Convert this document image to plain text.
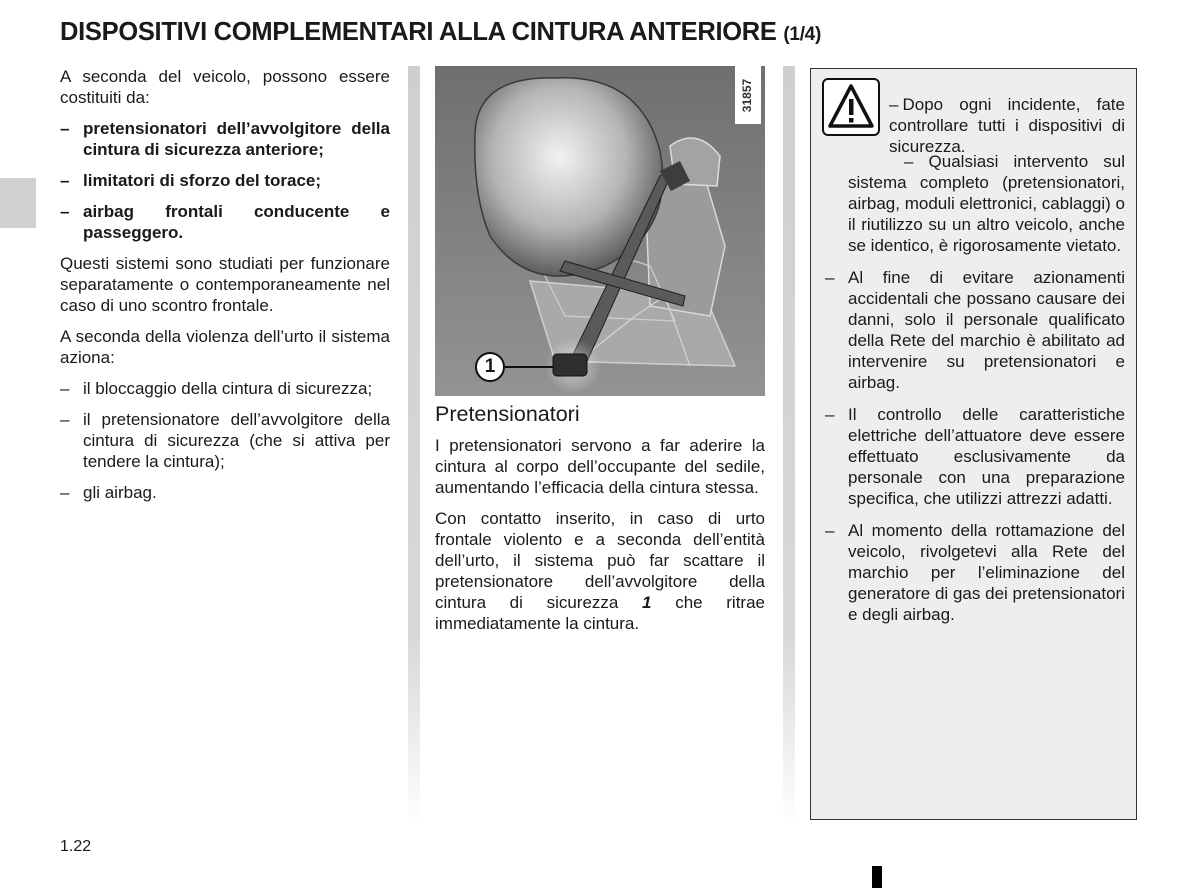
DISPOSITIVI COMPLEMENTARI ALLA CINTURA ANTERIORE (1/4)

A seconda del veicolo, possono essere costituiti da:

– pretensionatori dell’avvolgitore della cintura di sicurezza anteriore;
– limitatori di sforzo del torace;
– airbag frontali conducente e passeggero.

Questi sistemi sono studiati per funzionare separatamente o contemporaneamente nel caso di uno scontro frontale.

A seconda della violenza dell’urto il sistema aziona:

– il bloccaggio della cintura di sicurezza;
– il pretensionatore dell’avvolgitore della cintura di sicurezza (che si attiva per tendere la cintura);
– gli airbag.
31857
1
Pretensionatori

I pretensionatori servono a far aderire la cintura al corpo dell’occupante del sedile, aumentando l’efficacia della cintura stessa.

Con contatto inserito, in caso di urto frontale violento e a seconda dell’entità dell’urto, il sistema può far scattare il pretensionatore dell’avvolgitore della cintura di sicurezza 1 che ritrae immediatamente la cintura.

– Dopo ogni incidente, fate controllare tutti i dispositivi di sicurezza.

– Qualsiasi intervento sul sistema completo (pretensionatori, airbag, moduli elettronici, cablaggi) o il riutilizzo su un altro veicolo, anche se identico, è rigorosamente vietato.

– Al fine di evitare azionamenti accidentali che possano causare dei danni, solo il personale qualificato della Rete del marchio è abilitato ad intervenire su pretensionatori e airbag.
– Il controllo delle caratteristiche elettriche dell’attuatore deve essere effettuato esclusivamente da personale con una preparazione specifica, che utilizzi attrezzi adatti.
– Al momento della rottamazione del veicolo, rivolgetevi alla Rete del marchio per l’eliminazione del generatore di gas dei pretensionatori e degli airbag.
1.22
